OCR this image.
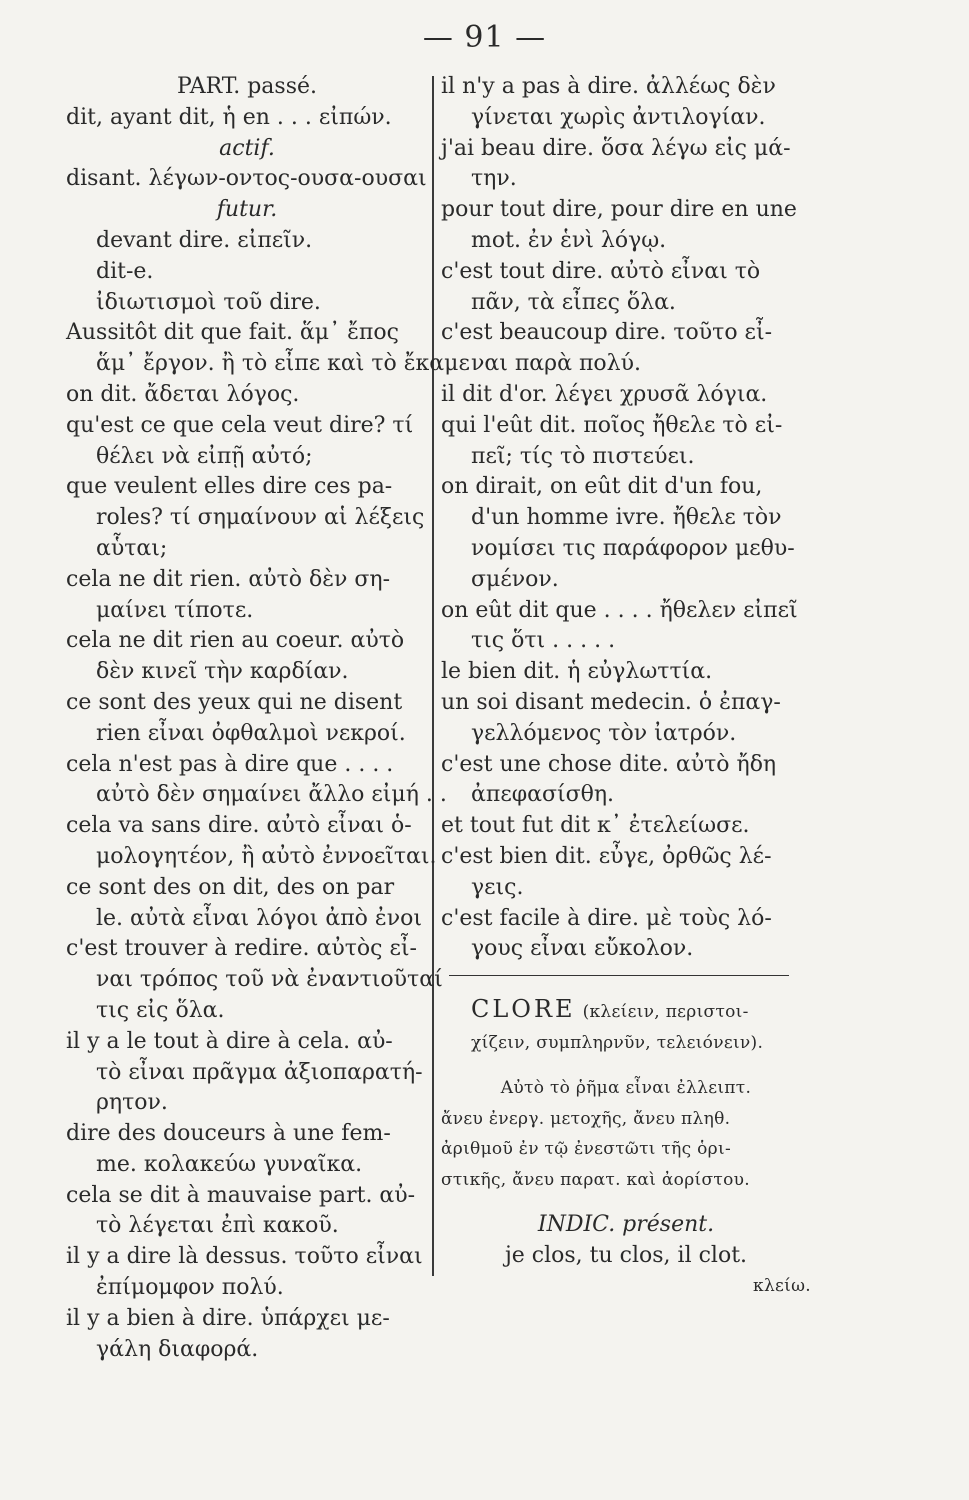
— 91 —
PART. passé.
dit, ayant dit, ἡ en . . . εἰπών.
actif.
disant. λέγων-οντος-ουσα-ουσαι
futur.
devant dire. εἰπεῖν.
dit-e.
ἰδιωτισμοὶ τοῦ dire.
Aussitôt dit que fait. ἅμ᾽ ἔπος
ἅμ᾽ ἔργον. ἢ τὸ εἶπε καὶ τὸ ἔκαμε
on dit. ἄδεται λόγος.
qu'est ce que cela veut dire? τί
θέλει νὰ εἰπῇ αὐτό;
que veulent elles dire ces pa-
roles? τί σημαίνουν αἱ λέξεις
αὗται;
cela ne dit rien. αὐτὸ δὲν ση-
μαίνει τίποτε.
cela ne dit rien au coeur. αὐτὸ
δὲν κινεῖ τὴν καρδίαν.
ce sont des yeux qui ne disent
rien εἶναι ὀφθαλμοὶ νεκροί.
cela n'est pas à dire que . . . .
αὐτὸ δὲν σημαίνει ἄλλο εἰμή . .
cela va sans dire. αὐτὸ εἶναι ὁ-
μολογητέον, ἢ αὐτὸ ἐννοεῖται.
ce sont des on dit, des on par
le. αὐτὰ εἶναι λόγοι ἀπὸ ἐνοι
c'est trouver à redire. αὐτὸς εἶ-
ναι τρόπος τοῦ νὰ ἐναντιοῦταί
τις εἰς ὅλα.
il y a le tout à dire à cela. αὐ-
τὸ εἶναι πρᾶγμα ἀξιοπαρατή-
ρητον.
dire des douceurs à une fem-
me. κολακεύω γυναῖκα.
cela se dit à mauvaise part. αὐ-
τὸ λέγεται ἐπὶ κακοῦ.
il y a dire là dessus. τοῦτο εἶναι
ἐπίμομφον πολύ.
il y a bien à dire. ὑπάρχει με-
γάλη διαφορά.
il n'y a pas à dire. ἀλλέως δὲν
γίνεται χωρὶς ἀντιλογίαν.
j'ai beau dire. ὅσα λέγω εἰς μά-
την.
pour tout dire, pour dire en une
mot. ἐν ἑνὶ λόγῳ.
c'est tout dire. αὐτὸ εἶναι τὸ
πᾶν, τὰ εἶπες ὅλα.
c'est beaucoup dire. τοῦτο εἶ-
ναι παρὰ πολύ.
il dit d'or. λέγει χρυσᾶ λόγια.
qui l'eût dit. ποῖος ἤθελε τὸ εἰ-
πεῖ; τίς τὸ πιστεύει.
on dirait, on eût dit d'un fou,
d'un homme ivre. ἤθελε τὸν
νομίσει τις παράφορον μεθυ-
σμένον.
on eût dit que . . . . ἤθελεν εἰπεῖ
τις ὅτι . . . . .
le bien dit. ἡ εὐγλωττία.
un soi disant medecin. ὁ ἐπαγ-
γελλόμενος τὸν ἰατρόν.
c'est une chose dite. αὐτὸ ἤδη
ἀπεφασίσθη.
et tout fut dit κ᾽ ἐτελείωσε.
c'est bien dit. εὖγε, ὀρθῶς λέ-
γεις.
c'est facile à dire. μὲ τοὺς λό-
γους εἶναι εὔκολον.
CLORE (κλείειν, περιστοι-
χίζειν, συμπληρνῦν, τελειόνειν).
Αὐτὸ τὸ ῥῆμα εἶναι ἐλλειπτ.
ἄνευ ἐνεργ. μετοχῆς, ἄνευ πληθ.
ἀριθμοῦ ἐν τῷ ἐνεστῶτι τῆς ὁρι-
στικῆς, ἄνευ παρατ. καὶ ἀορίστου.
INDIC. présent.
je clos, tu clos, il clot.
κλείω.
